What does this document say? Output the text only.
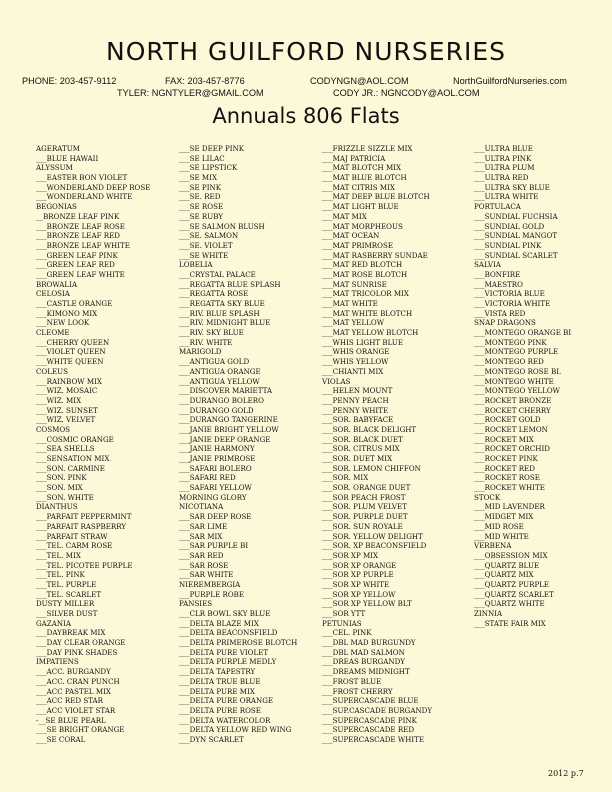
NORTH GUILFORD NURSERIES
PHONE: 203-457-9112	FAX: 203-457-8776	CODYNGN@AOL.COM	NorthGuilfordNurseries.com
TYLER: NGNTYLER@GMAIL.COM	CODY JR.: NGNCODY@AOL.COM
Annuals 806 Flats
AGERATUM
___BLUE HAWAII
ALYSSUM
___EASTER BON VIOLET
___WONDERLAND DEEP ROSE
___WONDERLAND WHITE
BEGONIAS
__BRONZE LEAF PINK
___BRONZE LEAF ROSE
___BRONZE LEAF RED
___BRONZE LEAF WHITE
___GREEN LEAF PINK
___GREEN LEAF RED
___GREEN LEAF WHITE
BROWALIA
CELOSIA
___CASTLE ORANGE
___KIMONO MIX
___NEW LOOK
CLEOME
___CHERRY QUEEN
___VIOLET QUEEN
___WHITE QUEEN
COLEUS
___RAINBOW MIX
___WIZ. MOSAIC
___WIZ. MIX
___WIZ. SUNSET
___WIZ. VELVET
COSMOS
___COSMIC ORANGE
___SEA SHELLS
___SENSATION MIX
___SON. CARMINE
___SON. PINK
___SON. MIX
___SON. WHITE
DIANTHUS
___PARFAIT PEPPERMINT
___PARFAIT RASPBERRY
___PARFAIT STRAW
___TEL. CARM ROSE
___TEL. MIX
___TEL. PICOTEE PURPLE
___TEL. PINK
___TEL. PURPLE
___TEL. SCARLET
DUSTY MILLER
___SILVER DUST
GAZANIA
___DAYBREAK MIX
___DAY CLEAR ORANGE
___DAY PINK SHADES
IMPATIENS
___ACC. BURGANDY
___ACC. CRAN PUNCH
___ACC PASTEL MIX
___ACC RED STAR
___ACC VIOLET STAR
-__SE BLUE PEARL
___SE BRIGHT ORANGE
___SE CORAL
___SE DEEP PINK
___SE LILAC
___SE LIPSTICK
___SE MIX
___SE PINK
___SE. RED
___SE ROSE
___SE RUBY
___SE SALMON BLUSH
___SE. SALMON
___SE. VIOLET
___SE WHITE
LOBELIA
___CRYSTAL PALACE
___REGATTA BLUE SPLASH
___REGATTA ROSE
___REGATTA SKY BLUE
___RIV. BLUE SPLASH
___RIV. MIDNIGHT BLUE
___RIV. SKY BLUE
___RIV. WHITE
MARIGOLD
___ANTIGUA GOLD
___ANTIGUA ORANGE
___ANTIGUA YELLOW
___DISCOVER MARIETTA
___DURANGO BOLERO
___DURANGO GOLD
___DURANGO TANGERINE
___JANIE BRIGHT YELLOW
___JANIE DEEP ORANGE
___JANIE HARMONY
___JANIE PRIMROSE
___SAFARI BOLERO
___SAFARI RED
___SAFARI YELLOW
MORNING GLORY
NICOTIANA
___SAR DEEP ROSE
___SAR LIME
___SAR MIX
___SAR PURPLE BI
___SAR RED
___SAR ROSE
___SAR WHITE
NIEREMBERGIA
___PURPLE ROBE
PANSIES
___CLR BOWL SKY BLUE
___DELTA BLAZE MIX
___DELTA BEACONSFIELD
___DELTA PRIMEROSE BLOTCH
___DELTA PURE VIOLET
___DELTA PURPLE MEDLY
___DELTA TAPESTRY
___DELTA TRUE BLUE
___DELTA PURE MIX
___DELTA PURE ORANGE
___DELTA PURE ROSE
___DELTA WATERCOLOR
___DELTA YELLOW RED WING
___DYN SCARLET
___FRIZZLE SIZZLE MIX
___MAJ PATRICIA
___MAT BLOTCH MIX
___MAT BLUE BLOTCH
___MAT CITRIS MIX
___MAT DEEP BLUE BLOTCH
___MAT LIGHT BLUE
___MAT MIX
___MAT MORPHEOUS
___MAT OCEAN
___MAT PRIMROSE
___MAT RASBERRY SUNDAE
___MAT RED BLOTCH
___MAT ROSE BLOTCH
___MAT SUNRISE
___MAT TRICOLOR MIX
___MAT WHITE
___MAT WHITE BLOTCH
___MAT YELLOW
___MAT YELLOW BLOTCH
___WHIS LIGHT BLUE
___WHIS ORANGE
___WHIS YELLOW
___CHIANTI MIX
VIOLAS
___HELEN MOUNT
___PENNY PEACH
___PENNY WHITE
___SOR. BABYFACE
___SOR. BLACK DELIGHT
___SOR. BLACK DUET
___SOR. CITRUS MIX
___SOR. DUET MIX
___SOR. LEMON CHIFFON
___SOR. MIX
___SOR. ORANGE DUET
___SOR PEACH FROST
___SOR. PLUM VELVET
___SOR. PURPLE DUET
___SOR. SUN ROYALE
___SOR. YELLOW DELIGHT
___SOR. XP BEACONSFIELD
___SOR XP MIX
___SOR XP ORANGE
___SOR XP PURPLE
___SOR XP WHITE
___SOR XP YELLOW
___SOR XP YELLOW BLT
___SOR YTT
PETUNIAS
___CEL. PINK
___DBL MAD BURGUNDY
___DBL MAD SALMON
___DREAS BURGANDY
___DREAMS MIDNIGHT
___FROST BLUE
___FROST CHERRY
___SUPERCASCADE BLUE
___SUP.CASCADE BURGANDY
___SUPERCASCADE PINK
___SUPERCASCADE RED
___SUPERCASCADE WHITE
___ULTRA BLUE
___ULTRA PINK
___ULTRA PLUM
___ULTRA RED
___ULTRA SKY BLUE
___ULTRA WHITE
PORTULACA
___SUNDIAL FUCHSIA
___SUNDIAL GOLD
___SUNDIAL MANGOT
___SUNDIAL PINK
___SUNDIAL SCARLET
SALVIA
___BONFIRE
___MAESTRO
___VICTORIA BLUE
___VICTORIA WHITE
___VISTA RED
SNAP DRAGONS
___MONTEGO ORANGE BI
___MONTEGO PINK
___MONTEGO PURPLE
___MONTEGO RED
___MONTEGO ROSE BI.
___MONTEGO WHITE
___MONTEGO YELLOW
___ROCKET BRONZE
___ROCKET CHERRY
___ROCKET GOLD
___ROCKET LEMON
___ROCKET MIX
___ROCKET ORCHID
___ROCKET PINK
___ROCKET RED
___ROCKET ROSE
___ROCKET WHITE
STOCK
___MID LAVENDER
___MIDGET MIX
___MID ROSE
___MID WHITE
VERBENA
___OBSESSION MIX
___QUARTZ BLUE
___QUARTZ MIX
___QUARTZ PURPLE
___QUARTZ SCARLET
___QUARTZ WHITE
ZINNIA
___STATE FAIR MIX
2012 p.7
